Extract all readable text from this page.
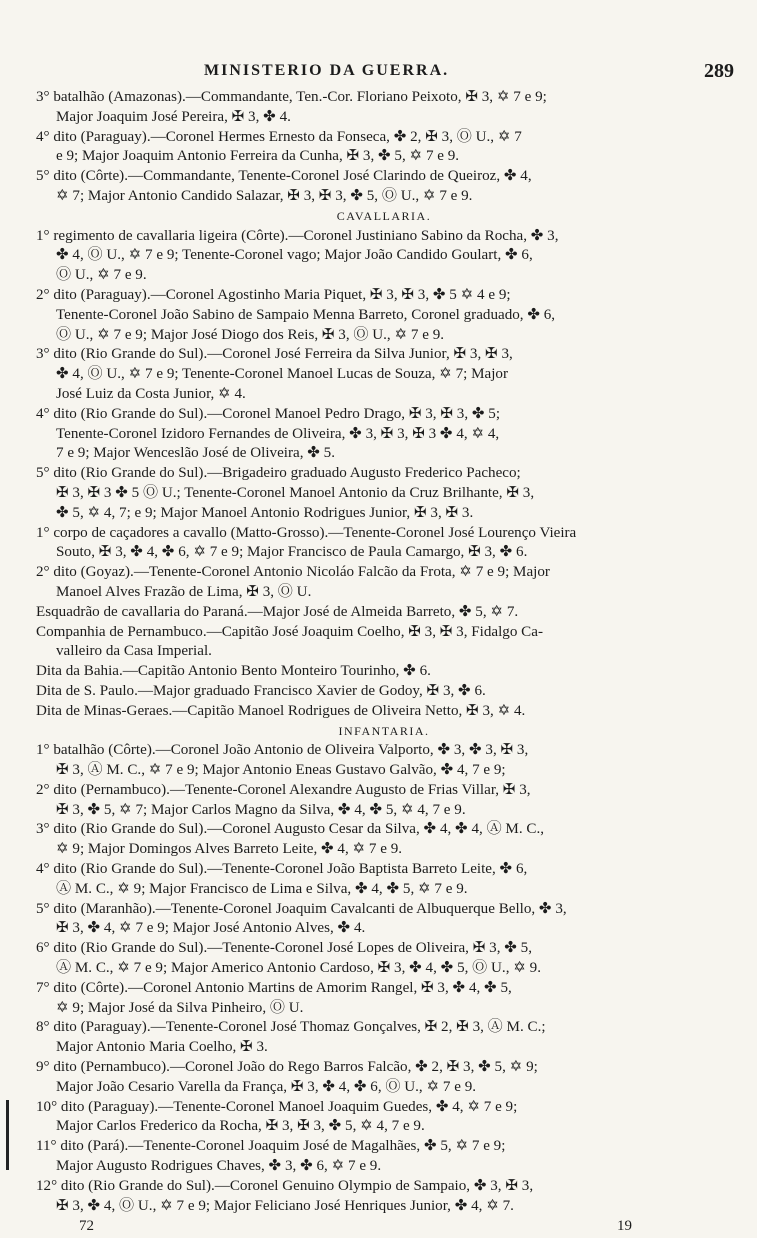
MINISTERIO DA GUERRA.	289
3° batalhão (Amazonas).—Commandante, Ten.-Cor. Floriano Peixoto, ✠ 3, ✡ 7 e 9;
Major Joaquim José Pereira, ✠ 3, ✤ 4.
4° dito (Paraguay).—Coronel Hermes Ernesto da Fonseca, ✤ 2, ✠ 3, Ⓞ U., ✡ 7
e 9; Major Joaquim Antonio Ferreira da Cunha, ✠ 3, ✤ 5, ✡ 7 e 9.
5° dito (Côrte).—Commandante, Tenente-Coronel José Clarindo de Queiroz, ✤ 4,
✡ 7; Major Antonio Candido Salazar, ✠ 3, ✠ 3, ✤ 5, Ⓞ U., ✡ 7 e 9.
CAVALLARIA.
1° regimento de cavallaria ligeira (Côrte).—Coronel Justiniano Sabino da Rocha, ✤ 3,
✤ 4, Ⓞ U., ✡ 7 e 9; Tenente-Coronel vago; Major João Candido Goulart, ✤ 6,
Ⓞ U., ✡ 7 e 9.
2° dito (Paraguay).—Coronel Agostinho Maria Piquet, ✠ 3, ✠ 3, ✤ 5 ✡ 4 e 9;
Tenente-Coronel João Sabino de Sampaio Menna Barreto, Coronel graduado, ✤ 6,
Ⓞ U., ✡ 7 e 9; Major José Diogo dos Reis, ✠ 3, Ⓞ U., ✡ 7 e 9.
3° dito (Rio Grande do Sul).—Coronel José Ferreira da Silva Junior, ✠ 3, ✠ 3,
✤ 4, Ⓞ U., ✡ 7 e 9; Tenente-Coronel Manoel Lucas de Souza, ✡ 7; Major
José Luiz da Costa Junior, ✡ 4.
4° dito (Rio Grande do Sul).—Coronel Manoel Pedro Drago, ✠ 3, ✠ 3, ✤ 5;
Tenente-Coronel Izidoro Fernandes de Oliveira, ✤ 3, ✠ 3, ✠ 3 ✤ 4, ✡ 4,
7 e 9; Major Wenceslão José de Oliveira, ✤ 5.
5° dito (Rio Grande do Sul).—Brigadeiro graduado Augusto Frederico Pacheco;
✠ 3, ✠ 3 ✤ 5 Ⓞ U.; Tenente-Coronel Manoel Antonio da Cruz Brilhante, ✠ 3,
✤ 5, ✡ 4, 7; e 9; Major Manoel Antonio Rodrigues Junior, ✠ 3, ✠ 3.
1° corpo de caçadores a cavallo (Matto-Grosso).—Tenente-Coronel José Lourenço Vieira
Souto, ✠ 3, ✤ 4, ✤ 6, ✡ 7 e 9; Major Francisco de Paula Camargo, ✠ 3, ✤ 6.
2° dito (Goyaz).—Tenente-Coronel Antonio Nicoláo Falcão da Frota, ✡ 7 e 9; Major
Manoel Alves Frazão de Lima, ✠ 3, Ⓞ U.
Esquadrão de cavallaria do Paraná.—Major José de Almeida Barreto, ✤ 5, ✡ 7.
Companhia de Pernambuco.—Capitão José Joaquim Coelho, ✠ 3, ✠ 3, Fidalgo Ca-
valleiro da Casa Imperial.
Dita da Bahia.—Capitão Antonio Bento Monteiro Tourinho, ✤ 6.
Dita de S. Paulo.—Major graduado Francisco Xavier de Godoy, ✠ 3, ✤ 6.
Dita de Minas-Geraes.—Capitão Manoel Rodrigues de Oliveira Netto, ✠ 3, ✡ 4.
INFANTARIA.
1° batalhão (Côrte).—Coronel João Antonio de Oliveira Valporto, ✤ 3, ✤ 3, ✠ 3,
✠ 3, Ⓐ M. C., ✡ 7 e 9; Major Antonio Eneas Gustavo Galvão, ✤ 4, 7 e 9;
2° dito (Pernambuco).—Tenente-Coronel Alexandre Augusto de Frias Villar, ✠ 3,
✠ 3, ✤ 5, ✡ 7; Major Carlos Magno da Silva, ✤ 4, ✤ 5, ✡ 4, 7 e 9.
3° dito (Rio Grande do Sul).—Coronel Augusto Cesar da Silva, ✤ 4, ✤ 4, Ⓐ M. C.,
✡ 9; Major Domingos Alves Barreto Leite, ✤ 4, ✡ 7 e 9.
4° dito (Rio Grande do Sul).—Tenente-Coronel João Baptista Barreto Leite, ✤ 6,
Ⓐ M. C., ✡ 9; Major Francisco de Lima e Silva, ✤ 4, ✤ 5, ✡ 7 e 9.
5° dito (Maranhão).—Tenente-Coronel Joaquim Cavalcanti de Albuquerque Bello, ✤ 3,
✠ 3, ✤ 4, ✡ 7 e 9; Major José Antonio Alves, ✤ 4.
6° dito (Rio Grande do Sul).—Tenente-Coronel José Lopes de Oliveira, ✠ 3, ✤ 5,
Ⓐ M. C., ✡ 7 e 9; Major Americo Antonio Cardoso, ✠ 3, ✤ 4, ✤ 5, Ⓞ U., ✡ 9.
7° dito (Côrte).—Coronel Antonio Martins de Amorim Rangel, ✠ 3, ✤ 4, ✤ 5,
✡ 9; Major José da Silva Pinheiro, Ⓞ U.
8° dito (Paraguay).—Tenente-Coronel José Thomaz Gonçalves, ✠ 2, ✠ 3, Ⓐ M. C.;
Major Antonio Maria Coelho, ✠ 3.
9° dito (Pernambuco).—Coronel João do Rego Barros Falcão, ✤ 2, ✠ 3, ✤ 5, ✡ 9;
Major João Cesario Varella da França, ✠ 3, ✤ 4, ✤ 6, Ⓞ U., ✡ 7 e 9.
10° dito (Paraguay).—Tenente-Coronel Manoel Joaquim Guedes, ✤ 4, ✡ 7 e 9;
Major Carlos Frederico da Rocha, ✠ 3, ✠ 3, ✤ 5, ✡ 4, 7 e 9.
11° dito (Pará).—Tenente-Coronel Joaquim José de Magalhães, ✤ 5, ✡ 7 e 9;
Major Augusto Rodrigues Chaves, ✤ 3, ✤ 6, ✡ 7 e 9.
12° dito (Rio Grande do Sul).—Coronel Genuino Olympio de Sampaio, ✤ 3, ✠ 3,
✠ 3, ✤ 4, Ⓞ U., ✡ 7 e 9; Major Feliciano José Henriques Junior, ✤ 4, ✡ 7.
72	19
